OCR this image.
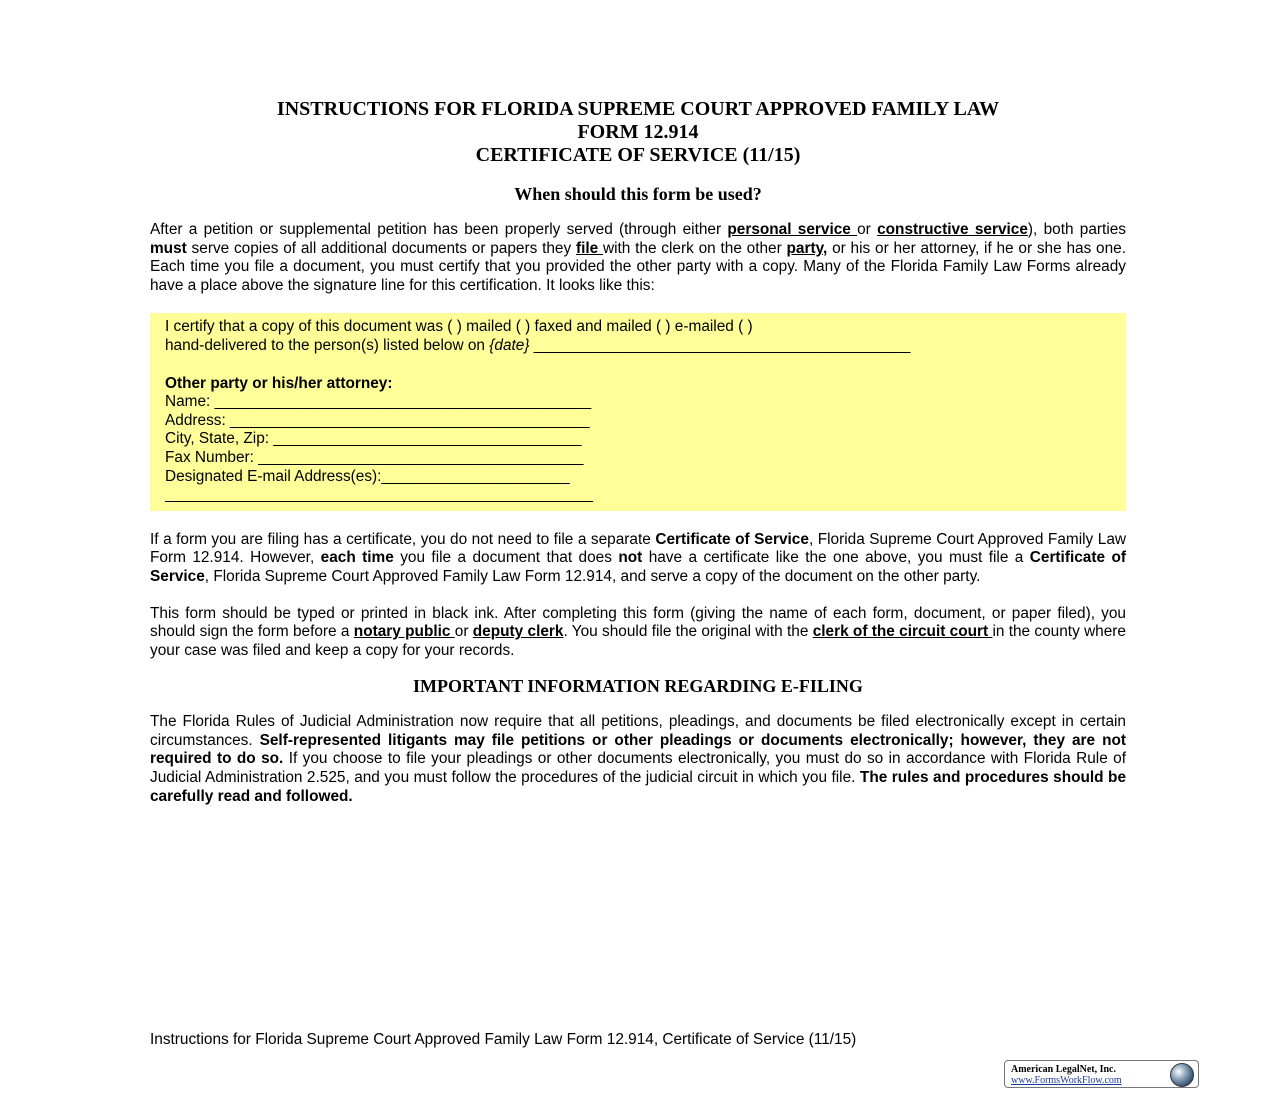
INSTRUCTIONS FOR FLORIDA SUPREME COURT APPROVED FAMILY LAW
FORM 12.914
CERTIFICATE OF SERVICE (11/15)
When should this form be used?

After a petition or supplemental petition has been properly served (through either personal service or constructive service), both parties must serve copies of all additional documents or papers they file with the clerk on the other party, or his or her attorney, if he or she has one. Each time you file a document, you must certify that you provided the other party with a copy. Many of the Florida Family Law Forms already have a place above the signature line for this certification. It looks like this:

I certify that a copy of this document was ( ) mailed ( ) faxed and mailed ( ) e-mailed ( )
hand-delivered to the person(s) listed below on {date} ____________________________________________
Other party or his/her attorney:
Name: ____________________________________________
Address: __________________________________________
City, State, Zip: ____________________________________
Fax Number: ______________________________________
Designated E-mail Address(es):______________________
__________________________________________________

If a form you are filing has a certificate, you do not need to file a separate Certificate of Service, Florida Supreme Court Approved Family Law Form 12.914. However, each time you file a document that does not have a certificate like the one above, you must file a Certificate of Service, Florida Supreme Court Approved Family Law Form 12.914, and serve a copy of the document on the other party.

This form should be typed or printed in black ink. After completing this form (giving the name of each form, document, or paper filed), you should sign the form before a notary public or deputy clerk. You should file the original with the clerk of the circuit court in the county where your case was filed and keep a copy for your records.

IMPORTANT INFORMATION REGARDING E-FILING

The Florida Rules of Judicial Administration now require that all petitions, pleadings, and documents be filed electronically except in certain circumstances. Self-represented litigants may file petitions or other pleadings or documents electronically; however, they are not required to do so. If you choose to file your pleadings or other documents electronically, you must do so in accordance with Florida Rule of Judicial Administration 2.525, and you must follow the procedures of the judicial circuit in which you file. The rules and procedures should be carefully read and followed.

Instructions for Florida Supreme Court Approved Family Law Form 12.914, Certificate of Service (11/15)
American LegalNet, Inc.
www.FormsWorkFlow.com
